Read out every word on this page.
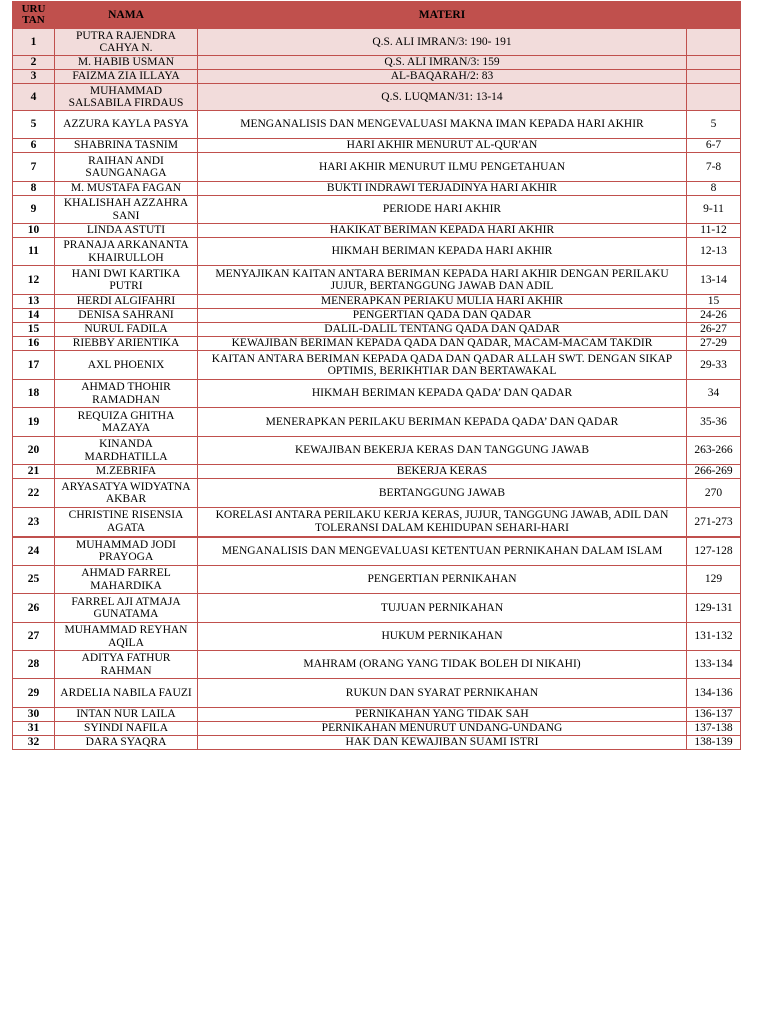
URU
TAN	NAMA	MATERI	
1	PUTRA RAJENDRA CAHYA N.	Q.S. ALI IMRAN/3: 190- 191	
2	M. HABIB USMAN	Q.S. ALI IMRAN/3: 159	
3	FAIZMA ZIA ILLAYA	AL-BAQARAH/2: 83	
4	MUHAMMAD SALSABILA FIRDAUS	Q.S. LUQMAN/31: 13-14	
5	AZZURA KAYLA PASYA	MENGANALISIS DAN MENGEVALUASI MAKNA IMAN KEPADA HARI AKHIR	5
6	SHABRINA TASNIM	HARI AKHIR MENURUT AL-QUR'AN	6-7
7	RAIHAN ANDI SAUNGANAGA	HARI AKHIR MENURUT ILMU PENGETAHUAN	7-8
8	M. MUSTAFA FAGAN	BUKTI INDRAWI TERJADINYA HARI AKHIR	8
9	KHALISHAH AZZAHRA SANI	PERIODE HARI AKHIR	9-11
10	LINDA ASTUTI	HAKIKAT BERIMAN KEPADA HARI AKHIR	11-12
11	PRANAJA ARKANANTA KHAIRULLOH	HIKMAH BERIMAN KEPADA HARI AKHIR	12-13
12	HANI DWI KARTIKA PUTRI	MENYAJIKAN KAITAN ANTARA BERIMAN KEPADA HARI AKHIR DENGAN PERILAKU JUJUR, BERTANGGUNG JAWAB DAN ADIL	13-14
13	HERDI ALGIFAHRI	MENERAPKAN PERIAKU MULIA HARI AKHIR	15
14	DENISA SAHRANI	PENGERTIAN QADA DAN QADAR	24-26
15	NURUL FADILA	DALIL-DALIL TENTANG QADA DAN QADAR	26-27
16	RIEBBY ARIENTIKA	KEWAJIBAN BERIMAN KEPADA QADA DAN QADAR, MACAM-MACAM TAKDIR	27-29
17	AXL PHOENIX	KAITAN ANTARA BERIMAN KEPADA QADA DAN QADAR ALLAH SWT. DENGAN SIKAP OPTIMIS, BERIKHTIAR DAN BERTAWAKAL	29-33
18	AHMAD THOHIR RAMADHAN	HIKMAH BERIMAN KEPADA QADA’ DAN QADAR	34
19	REQUIZA GHITHA MAZAYA	MENERAPKAN PERILAKU BERIMAN KEPADA QADA’ DAN QADAR	35-36
20	KINANDA MARDHATILLA	KEWAJIBAN BEKERJA KERAS DAN TANGGUNG JAWAB	263-266
21	M.ZEBRIFA	BEKERJA KERAS	266-269
22	ARYASATYA WIDYATNA AKBAR	BERTANGGUNG JAWAB	270
23	CHRISTINE RISENSIA AGATA	KORELASI ANTARA PERILAKU KERJA KERAS, JUJUR, TANGGUNG JAWAB, ADIL DAN TOLERANSI DALAM KEHIDUPAN SEHARI-HARI	271-273
24	MUHAMMAD JODI PRAYOGA	MENGANALISIS DAN MENGEVALUASI KETENTUAN PERNIKAHAN DALAM ISLAM	127-128
25	AHMAD FARREL MAHARDIKA	PENGERTIAN PERNIKAHAN	129
26	FARREL AJI ATMAJA GUNATAMA	TUJUAN PERNIKAHAN	129-131
27	MUHAMMAD REYHAN AQILA	HUKUM PERNIKAHAN	131-132
28	ADITYA FATHUR RAHMAN	MAHRAM (ORANG YANG TIDAK BOLEH DI NIKAHI)	133-134
29	ARDELIA NABILA FAUZI	RUKUN DAN SYARAT PERNIKAHAN	134-136
30	INTAN NUR LAILA	PERNIKAHAN YANG TIDAK SAH	136-137
31	SYINDI NAFILA	PERNIKAHAN MENURUT UNDANG-UNDANG	137-138
32	DARA SYAQRA	HAK DAN KEWAJIBAN SUAMI ISTRI	138-139
